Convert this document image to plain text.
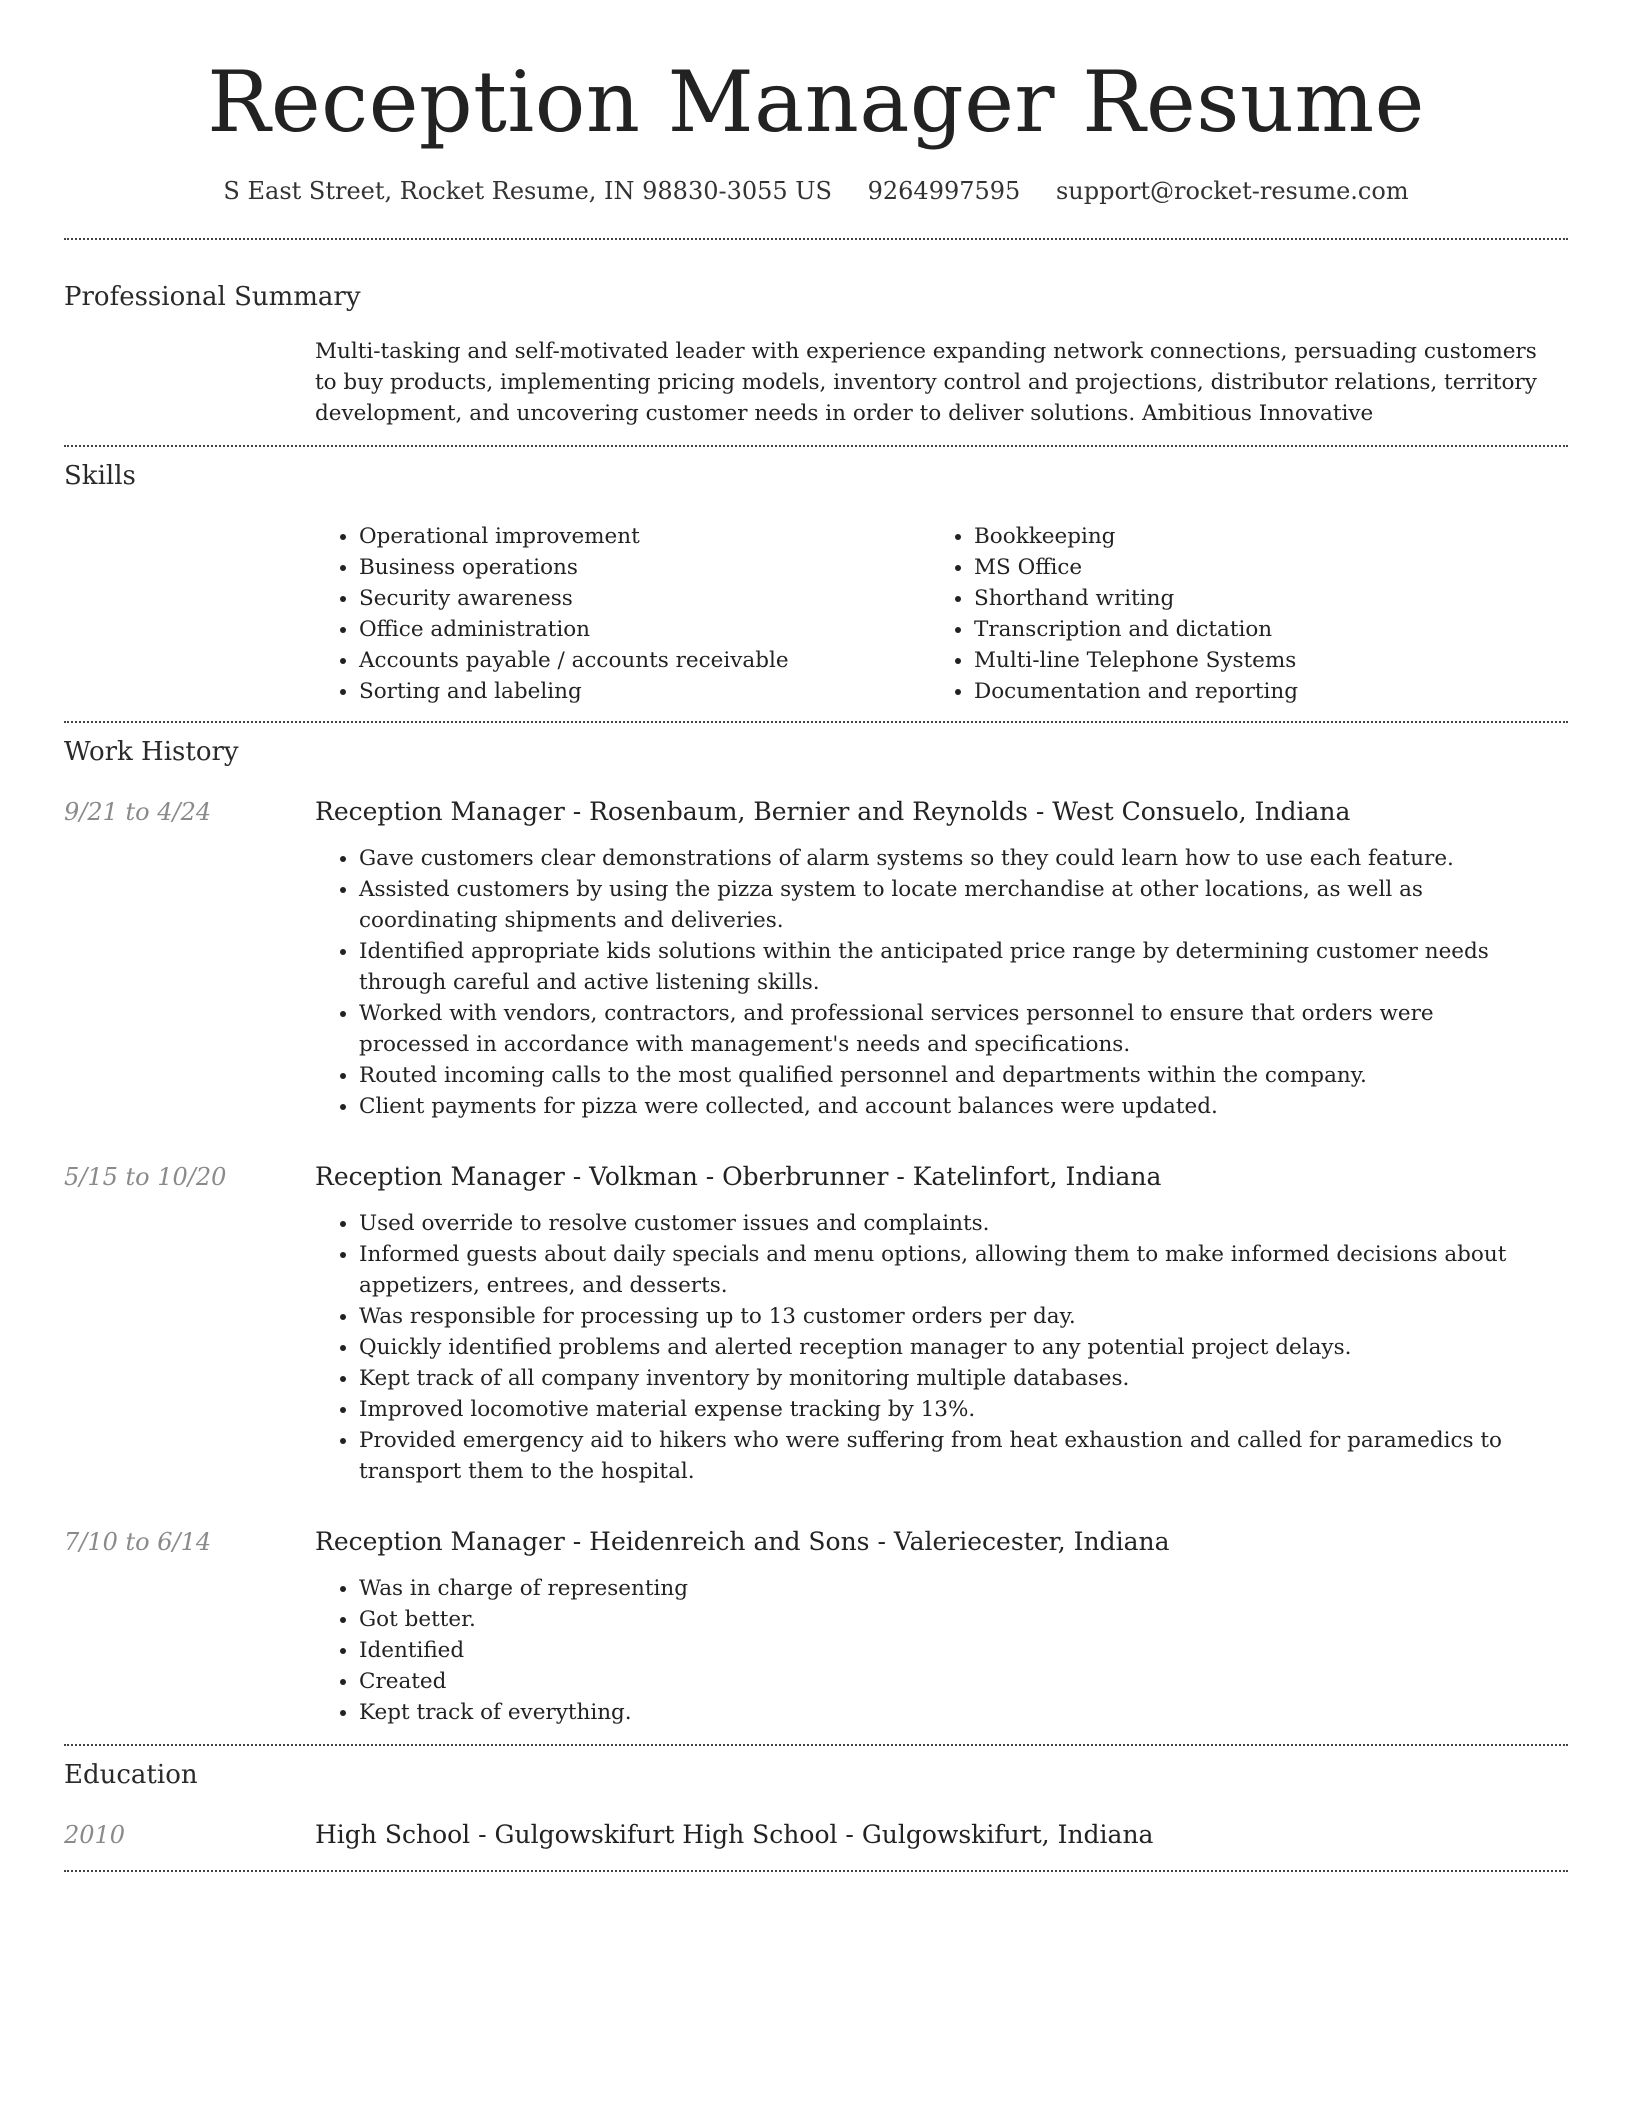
Reception Manager Resume
S East Street, Rocket Resume, IN 98830-3055 US 9264997595 support@rocket-resume.com
Professional Summary
Multi-tasking and self-motivated leader with experience expanding network connections, persuading customers to buy products, implementing pricing models, inventory control and projections, distributor relations, territory development, and uncovering customer needs in order to deliver solutions. Ambitious Innovative
Skills
• Operational improvement
• Business operations
• Security awareness
• Office administration
• Accounts payable / accounts receivable
• Sorting and labeling
• Bookkeeping
• MS Office
• Shorthand writing
• Transcription and dictation
• Multi-line Telephone Systems
• Documentation and reporting
Work History
9/21 to 4/24	Reception Manager - Rosenbaum, Bernier and Reynolds - West Consuelo, Indiana
• Gave customers clear demonstrations of alarm systems so they could learn how to use each feature.
• Assisted customers by using the pizza system to locate merchandise at other locations, as well as coordinating shipments and deliveries.
• Identified appropriate kids solutions within the anticipated price range by determining customer needs through careful and active listening skills.
• Worked with vendors, contractors, and professional services personnel to ensure that orders were processed in accordance with management's needs and specifications.
• Routed incoming calls to the most qualified personnel and departments within the company.
• Client payments for pizza were collected, and account balances were updated.
5/15 to 10/20	Reception Manager - Volkman - Oberbrunner - Katelinfort, Indiana
• Used override to resolve customer issues and complaints.
• Informed guests about daily specials and menu options, allowing them to make informed decisions about appetizers, entrees, and desserts.
• Was responsible for processing up to 13 customer orders per day.
• Quickly identified problems and alerted reception manager to any potential project delays.
• Kept track of all company inventory by monitoring multiple databases.
• Improved locomotive material expense tracking by 13%.
• Provided emergency aid to hikers who were suffering from heat exhaustion and called for paramedics to transport them to the hospital.
7/10 to 6/14	Reception Manager - Heidenreich and Sons - Valeriecester, Indiana
• Was in charge of representing
• Got better.
• Identified
• Created
• Kept track of everything.
Education
2010	High School - Gulgowskifurt High School - Gulgowskifurt, Indiana
